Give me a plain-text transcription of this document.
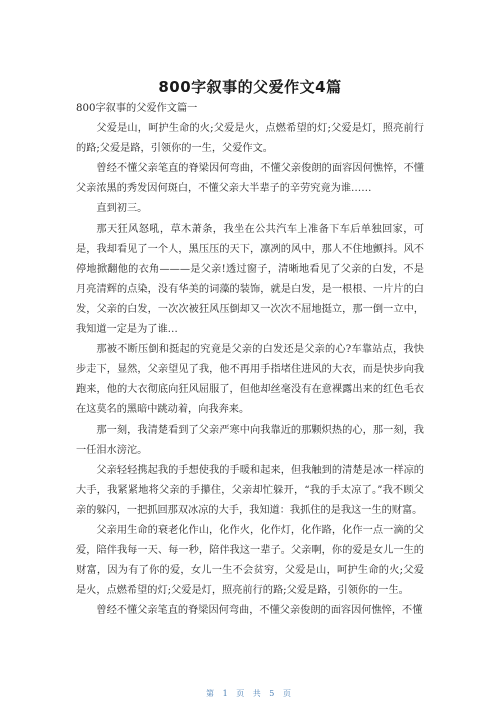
800字叙事的父爱作文4篇

800字叙事的父爱作文篇一

父爱是山，呵护生命的火;父爱是火，点燃希望的灯;父爱是灯，照亮前行的路;父爱是路，引领你的一生，父爱作文。

曾经不懂父亲笔直的脊梁因何弯曲，不懂父亲俊朗的面容因何憔悴，不懂父亲浓黑的秀发因何斑白，不懂父亲大半辈子的辛劳究竟为谁……

直到初三。

那天狂风怒吼，草木萧条，我坐在公共汽车上准备下车后单独回家，可是，我却看见了一个人，黑压压的天下，凛冽的风中，那人不住地颤抖。风不停地掀翻他的衣角———是父亲!透过窗子，清晰地看见了父亲的白发，不是月亮清辉的点染，没有华美的词藻的装饰，就是白发，是一根根、一片片的白发，父亲的白发，一次次被狂风压倒却又一次次不屈地挺立，那一倒一立中，我知道一定是为了谁…

那被不断压倒和挺起的究竟是父亲的白发还是父亲的心?车靠站点，我快步走下，显然，父亲望见了我，他不再用手指堵住进风的大衣，而是快步向我跑来，他的大衣彻底向狂风屈服了，但他却丝毫没有在意裸露出来的红色毛衣在这莫名的黑暗中跳动着，向我奔来。

那一刻，我清楚看到了父亲严寒中向我靠近的那颗炽热的心，那一刻，我一任泪水滂沱。

父亲轻轻携起我的手想使我的手暖和起来，但我触到的清楚是冰一样凉的大手，我紧紧地将父亲的手攥住，父亲却忙躲开，“我的手太凉了。”我不顾父亲的躲闪，一把抓回那双冰凉的大手，我知道：我抓住的是我这一生的财富。

父亲用生命的衰老化作山，化作火，化作灯，化作路，化作一点一滴的父爱，陪伴我每一天、每一秒，陪伴我这一辈子。父亲啊，你的爱是女儿一生的财富，因为有了你的爱，女儿一生不会贫穷，父爱是山，呵护生命的火;父爱是火，点燃希望的灯;父爱是灯，照亮前行的路;父爱是路，引领你的一生。

曾经不懂父亲笔直的脊梁因何弯曲，不懂父亲俊朗的面容因何憔悴，不懂

第 1 页 共 5 页
